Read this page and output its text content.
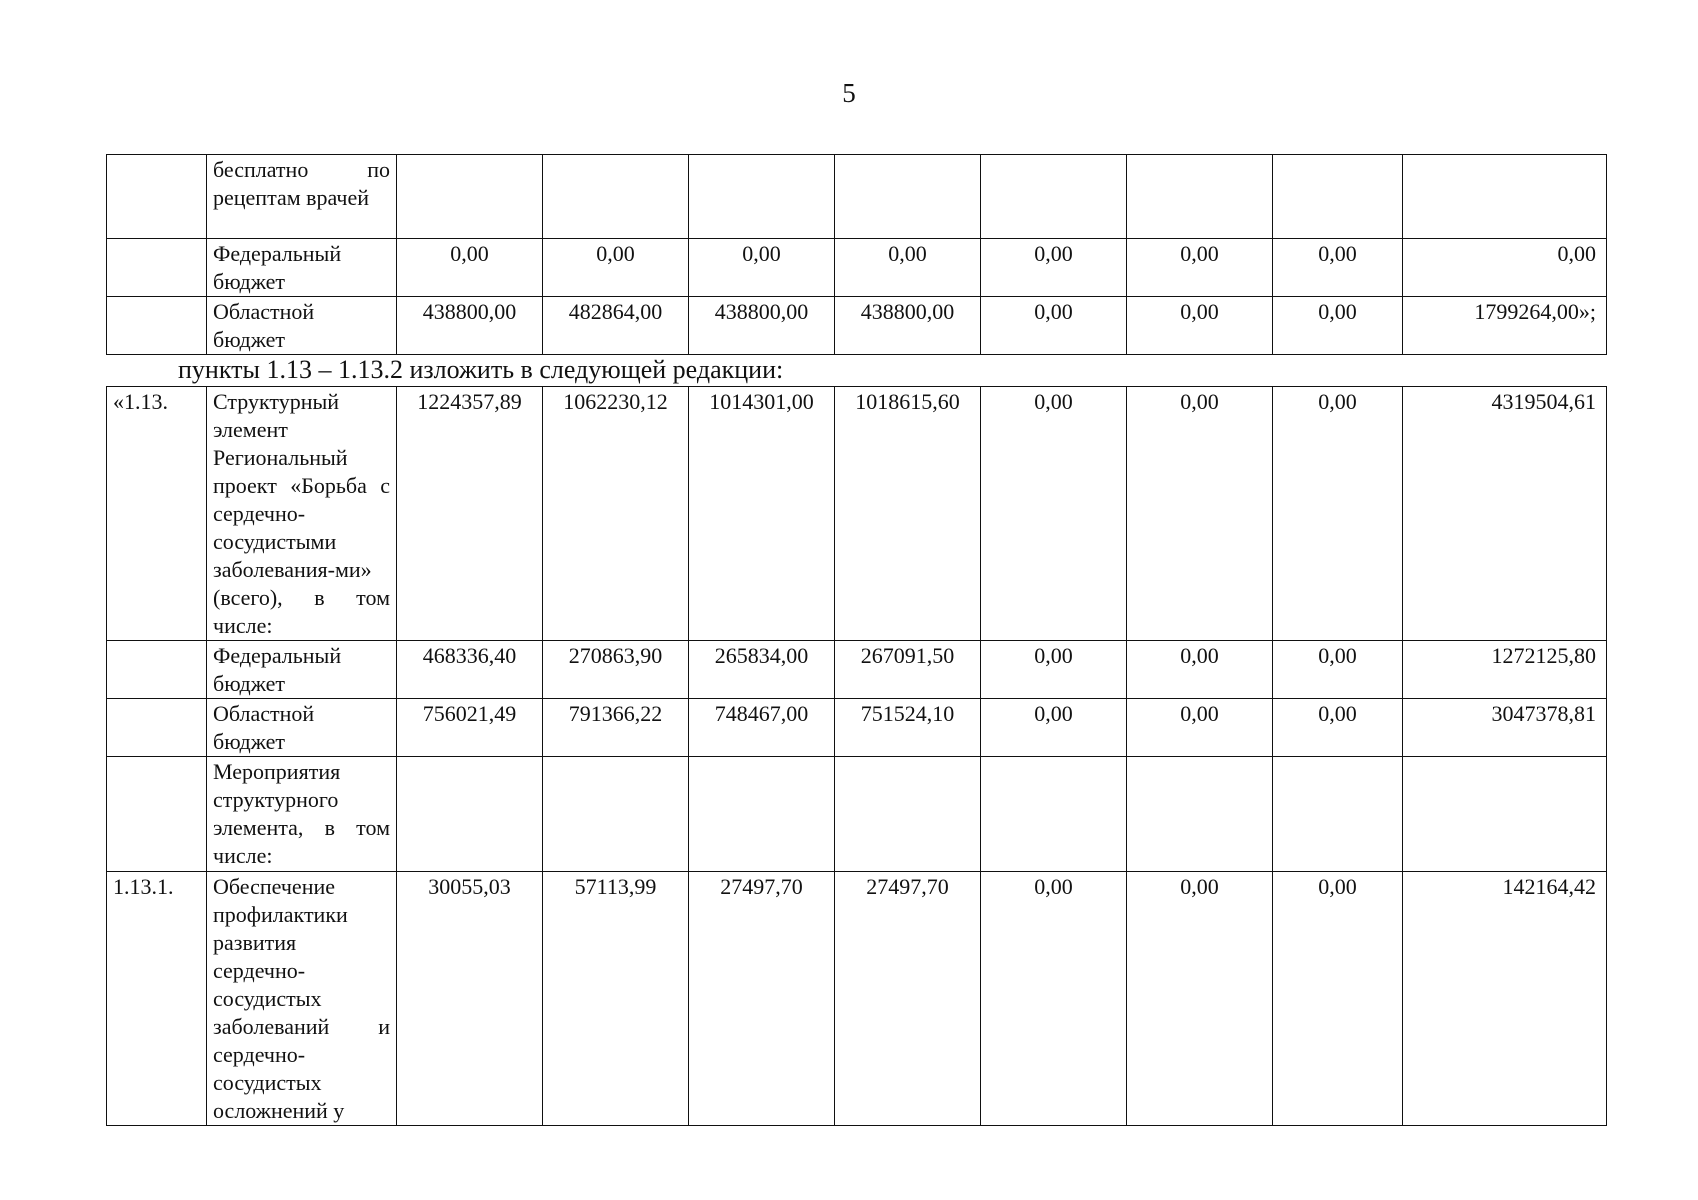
5
	бесплатно по рецептам врачей								
	Федеральный бюджет	0,00	0,00	0,00	0,00	0,00	0,00	0,00	0,00
	Областной бюджет	438800,00	482864,00	438800,00	438800,00	0,00	0,00	0,00	1799264,00»;
пункты 1.13 – 1.13.2 изложить в следующей редакции:
«1.13.	Структурный элемент Региональный проект «Борьба с сердечно-сосудистыми заболевания-ми» (всего), в том числе:	1224357,89	1062230,12	1014301,00	1018615,60	0,00	0,00	0,00	4319504,61
	Федеральный бюджет	468336,40	270863,90	265834,00	267091,50	0,00	0,00	0,00	1272125,80
	Областной бюджет	756021,49	791366,22	748467,00	751524,10	0,00	0,00	0,00	3047378,81
	Мероприятия структурного элемента, в том числе:								
1.13.1.	Обеспечение профилактики развития сердечно-сосудистых заболеваний и сердечно-сосудистых осложнений у	30055,03	57113,99	27497,70	27497,70	0,00	0,00	0,00	142164,42
